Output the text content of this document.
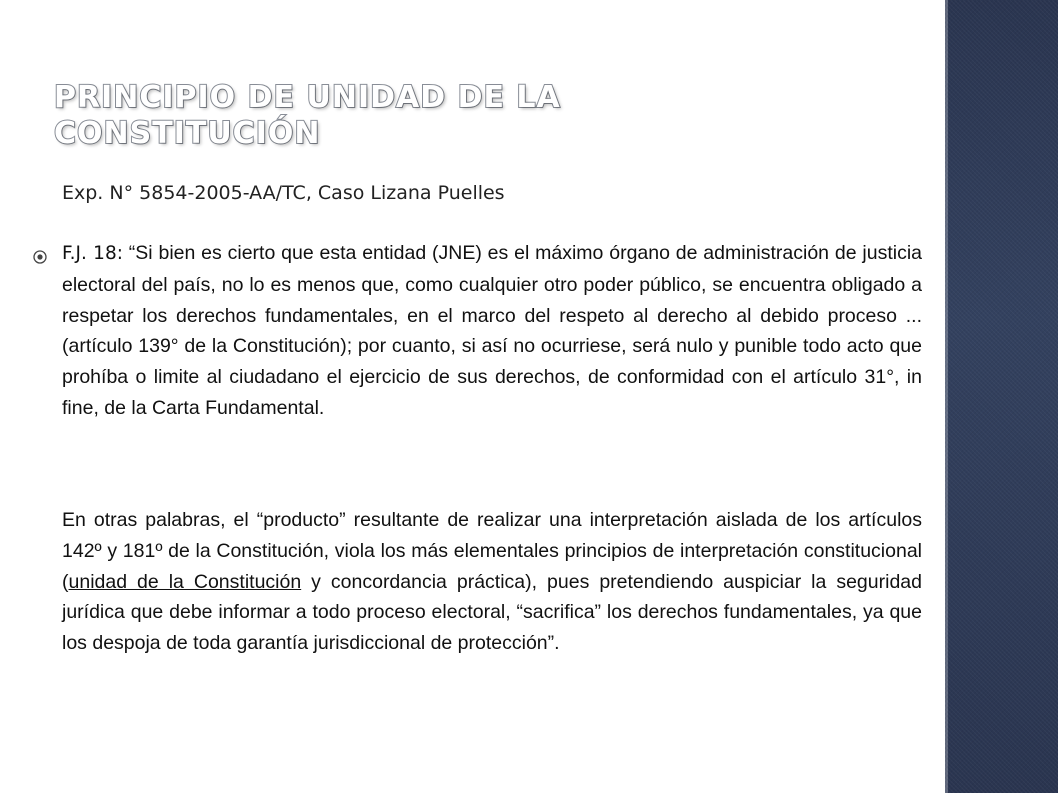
PRINCIPIO DE UNIDAD DE LA
CONSTITUCIÓN

Exp. N° 5854-2005-AA/TC, Caso Lizana Puelles

F.J. 18: “Si bien es cierto que esta entidad (JNE) es el máximo órgano de administración de justicia electoral del país, no lo es menos que, como cualquier otro poder público, se encuentra obligado a respetar los derechos fundamentales, en el marco del respeto al derecho al debido proceso ... (artículo 139° de la Constitución); por cuanto, si así no ocurriese, será nulo y punible todo acto que prohíba o limite al ciudadano el ejercicio de sus derechos, de conformidad con el artículo 31°, in fine, de la Carta Fundamental.

En otras palabras, el “producto” resultante de realizar una interpretación aislada de los artículos 142º y 181º de la Constitución, viola los más elementales principios de interpretación constitucional (unidad de la Constitución y concordancia práctica), pues pretendiendo auspiciar la seguridad jurídica que debe informar a todo proceso electoral, “sacrifica” los derechos fundamentales, ya que los despoja de toda garantía jurisdiccional de protección”.
